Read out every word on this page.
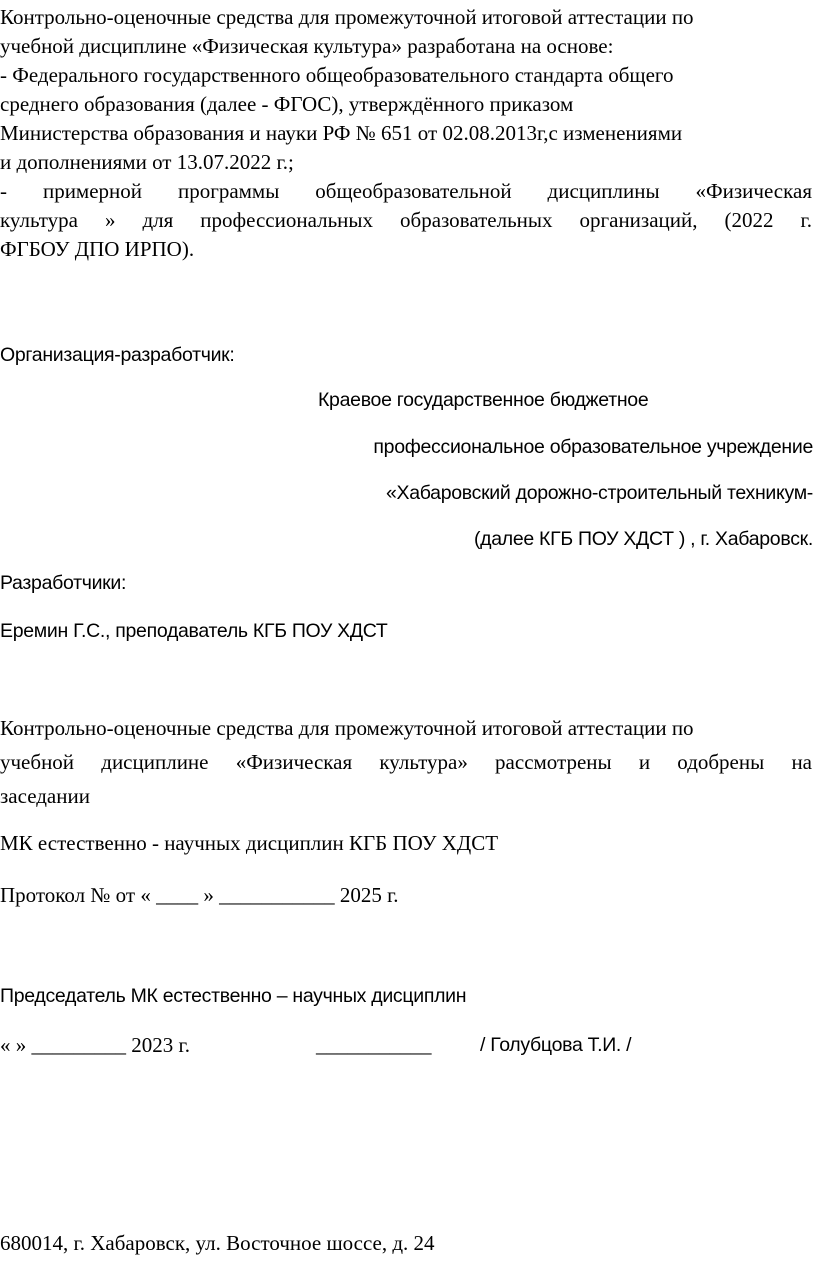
Контрольно-оценочные средства для промежуточной итоговой аттестации по
учебной дисциплине «Физическая культура» разработана на основе:
- Федерального государственного общеобразовательного стандарта общего
среднего образования (далее - ФГОС), утверждённого приказом
Министерства образования и науки РФ № 651 от 02.08.2013г,с изменениями
и дополнениями от 13.07.2022 г.;
- примерной программы общеобразовательной дисциплины «Физическая
культура » для профессиональных образовательных организаций, (2022 г.
ФГБОУ ДПО ИРПО).
Организация-разработчик:
Краевое государственное бюджетное
профессиональное образовательное учреждение
«Хабаровский дорожно-строительный техникум-
(далее КГБ ПОУ ХДСТ ) , г. Хабаровск.
Разработчики:
Еремин Г.С., преподаватель КГБ ПОУ ХДСТ
Контрольно-оценочные средства для промежуточной итоговой аттестации по
учебной дисциплине «Физическая культура» рассмотрены и одобрены на
заседании
МК естественно - научных дисциплин КГБ ПОУ ХДСТ
Протокол № от « ____ » ___________ 2025 г.
Председатель МК естественно – научных дисциплин
« » _________ 2023 г.	___________ / Голубцова Т.И. /
680014, г. Хабаровск, ул. Восточное шоссе, д. 24
